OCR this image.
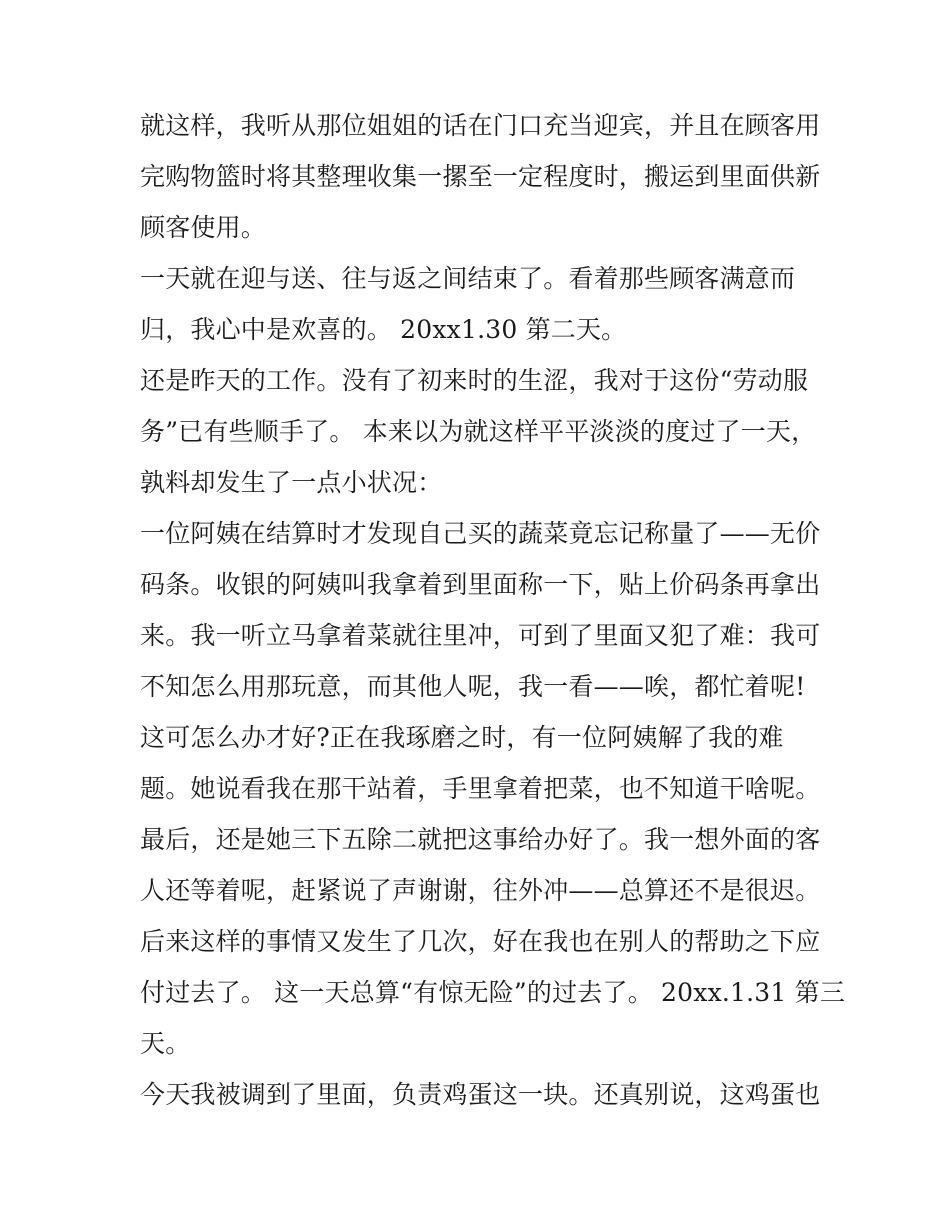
就这样，我听从那位姐姐的话在门口充当迎宾，并且在顾客用
完购物篮时将其整理收集一摞至一定程度时，搬运到里面供新
顾客使用。
一天就在迎与送、往与返之间结束了。看着那些顾客满意而
归，我心中是欢喜的。 20xx1.30 第二天。
还是昨天的工作。没有了初来时的生涩，我对于这份“劳动服
务”已有些顺手了。 本来以为就这样平平淡淡的度过了一天，
孰料却发生了一点小状况：
一位阿姨在结算时才发现自己买的蔬菜竟忘记称量了——无价
码条。收银的阿姨叫我拿着到里面称一下，贴上价码条再拿出
来。我一听立马拿着菜就往里冲，可到了里面又犯了难：我可
不知怎么用那玩意，而其他人呢，我一看——唉，都忙着呢!
这可怎么办才好?正在我琢磨之时，有一位阿姨解了我的难
题。她说看我在那干站着，手里拿着把菜，也不知道干啥呢。
最后，还是她三下五除二就把这事给办好了。我一想外面的客
人还等着呢，赶紧说了声谢谢，往外冲——总算还不是很迟。
后来这样的事情又发生了几次，好在我也在别人的帮助之下应
付过去了。 这一天总算“有惊无险”的过去了。 20xx.1.31 第三
天。
今天我被调到了里面，负责鸡蛋这一块。还真别说，这鸡蛋也
